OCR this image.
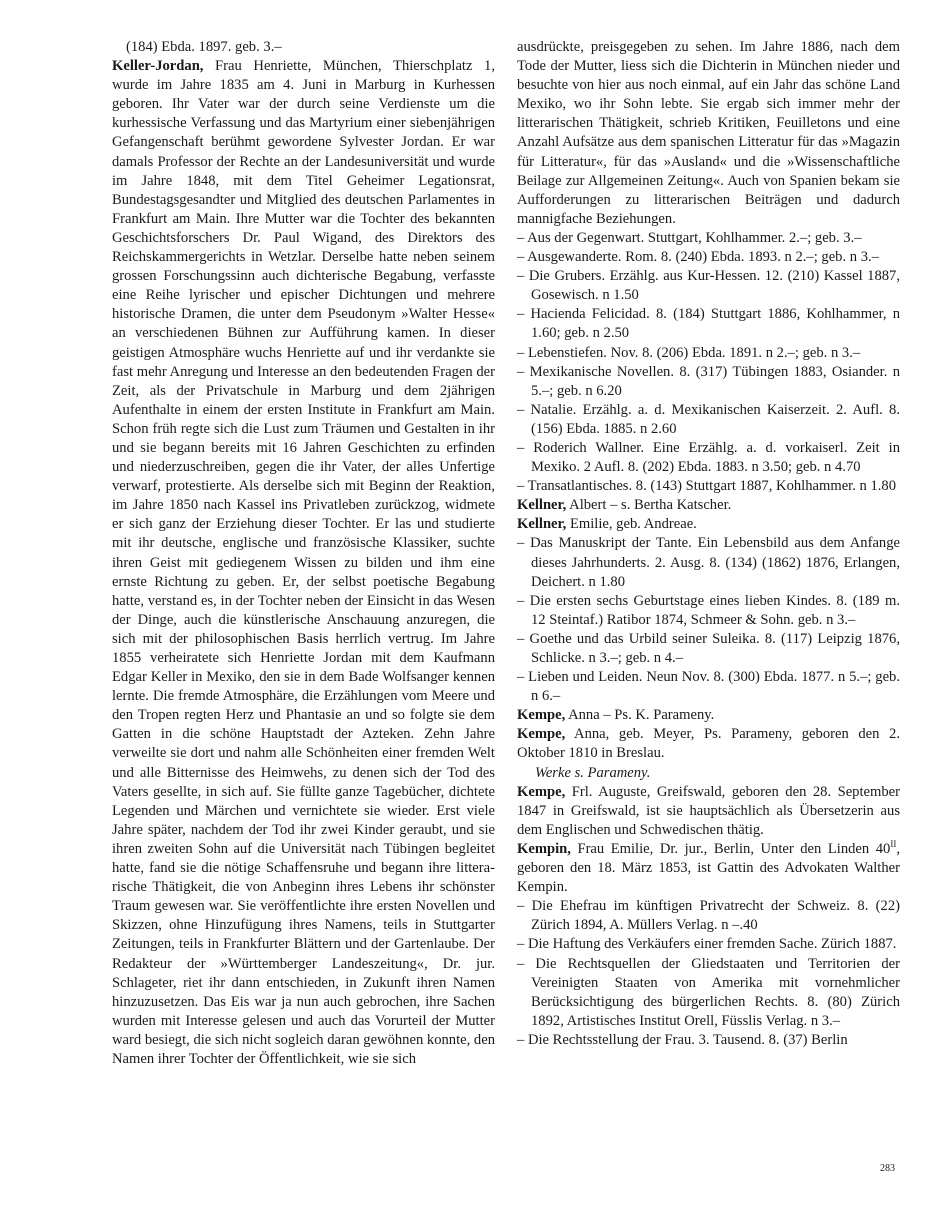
(184) Ebda. 1897. geb. 3.–

Keller-Jordan, Frau Henriette, München, Thierschplatz 1, wurde im Jahre 1835 am 4. Juni in Marburg in Kurhessen geboren. Ihr Vater war der durch seine Verdienste um die kurhessische Verfassung und das Martyrium einer siebenjährigen Gefangenschaft berühmt gewordene Sylvester Jordan. Er war damals Professor der Rechte an der Landesuniversität und wurde im Jahre 1848, mit dem Titel Geheimer Legationsrat, Bundestagsgesandter und Mitglied des deutschen Parlamentes in Frankfurt am Main. Ihre Mutter war die Tochter des bekannten Geschichtsforschers Dr. Paul Wigand, des Direktors des Reichskammergerichts in Wetzlar. Derselbe hatte neben seinem grossen Forschungssinn auch dichterische Begabung, verfasste eine Reihe lyrischer und epischer Dichtungen und mehrere historische Dramen, die unter dem Pseudonym »Walter Hesse« an verschiedenen Bühnen zur Aufführung kamen. In dieser geistigen Atmosphäre wuchs Henriette auf und ihr verdankte sie fast mehr Anregung und Interesse an den bedeutenden Fragen der Zeit, als der Privatschule in Marburg und dem 2jährigen Aufenthalte in einem der ersten Institute in Frankfurt am Main. Schon früh regte sich die Lust zum Träumen und Gestalten in ihr und sie begann bereits mit 16 Jahren Geschichten zu erfinden und niederzuschreiben, gegen die ihr Vater, der alles Unfertige verwarf, protestierte. Als derselbe sich mit Beginn der Reaktion, im Jahre 1850 nach Kassel ins Privatleben zurückzog, widmete er sich ganz der Erziehung dieser Tochter. Er las und studierte mit ihr deutsche, englische und französische Klassiker, suchte ihren Geist mit gediegenem Wissen zu bilden und ihm eine ernste Richtung zu geben. Er, der selbst poetische Begabung hatte, verstand es, in der Tochter neben der Einsicht in das Wesen der Dinge, auch die künstlerische Anschauung anzuregen, die sich mit der philosophischen Basis herrlich vertrug. Im Jahre 1855 verheiratete sich Henriette Jordan mit dem Kaufmann Edgar Keller in Mexiko, den sie in dem Bade Wolfsanger kennen lernte. Die fremde Atmosphäre, die Erzählungen vom Meere und den Tropen regten Herz und Phantasie an und so folgte sie dem Gatten in die schöne Hauptstadt der Azteken. Zehn Jahre verweilte sie dort und nahm alle Schönheiten einer fremden Welt und alle Bitternisse des Heimwehs, zu denen sich der Tod des Vaters gesellte, in sich auf. Sie füllte ganze Tagebücher, dichtete Legenden und Märchen und vernichtete sie wieder. Erst viele Jahre später, nachdem der Tod ihr zwei Kinder geraubt, und sie ihren zweiten Sohn auf die Universität nach Tübingen begleitet hatte, fand sie die nötige Schaffensruhe und begann ihre litterarische Thätigkeit, die von Anbeginn ihres Lebens ihr schönster Traum gewesen war. Sie veröffentlichte ihre ersten Novellen und Skizzen, ohne Hinzufügung ihres Namens, teils in Stuttgarter Zeitungen, teils in Frankfurter Blättern und der Gartenlaube. Der Redakteur der »Württemberger Landeszeitung«, Dr. jur. Schlageter, riet ihr dann entschieden, in Zukunft ihren Namen hinzuzusetzen. Das Eis war ja nun auch gebrochen, ihre Sachen wurden mit Interesse gelesen und auch das Vorurteil der Mutter ward besiegt, die sich nicht sogleich daran gewöhnen konnte, den Namen ihrer Tochter der Öffentlichkeit, wie sie sich

ausdrückte, preisgegeben zu sehen. Im Jahre 1886, nach dem Tode der Mutter, liess sich die Dichterin in München nieder und besuchte von hier aus noch einmal, auf ein Jahr das schöne Land Mexiko, wo ihr Sohn lebte. Sie ergab sich immer mehr der litterarischen Thätigkeit, schrieb Kritiken, Feuilletons und eine Anzahl Aufsätze aus dem spanischen Litteratur für das »Magazin für Litteratur«, für das »Ausland« und die »Wissenschaftliche Beilage zur Allgemeinen Zeitung«. Auch von Spanien bekam sie Aufforderungen zu litterarischen Beiträgen und dadurch mannigfache Beziehungen.

– Aus der Gegenwart. Stuttgart, Kohlhammer. 2.–; geb. 3.–

– Ausgewanderte. Rom. 8. (240) Ebda. 1893. n 2.–; geb. n 3.–

– Die Grubers. Erzählg. aus Kur-Hessen. 12. (210) Kassel 1887, Gosewisch. n 1.50

– Hacienda Felicidad. 8. (184) Stuttgart 1886, Kohlhammer, n 1.60; geb. n 2.50

– Lebenstiefen. Nov. 8. (206) Ebda. 1891. n 2.–; geb. n 3.–

– Mexikanische Novellen. 8. (317) Tübingen 1883, Osiander. n 5.–; geb. n 6.20

– Natalie. Erzählg. a. d. Mexikanischen Kaiserzeit. 2. Aufl. 8. (156) Ebda. 1885. n 2.60

– Roderich Wallner. Eine Erzählg. a. d. vorkaiserl. Zeit in Mexiko. 2 Aufl. 8. (202) Ebda. 1883. n 3.50; geb. n 4.70

– Transatlantisches. 8. (143) Stuttgart 1887, Kohlhammer. n 1.80

Kellner, Albert – s. Bertha Katscher.

Kellner, Emilie, geb. Andreae.

– Das Manuskript der Tante. Ein Lebensbild aus dem Anfange dieses Jahrhunderts. 2. Ausg. 8. (134) (1862) 1876, Erlangen, Deichert. n 1.80

– Die ersten sechs Geburtstage eines lieben Kindes. 8. (189 m. 12 Steintaf.) Ratibor 1874, Schmeer & Sohn. geb. n 3.–

– Goethe und das Urbild seiner Suleika. 8. (117) Leipzig 1876, Schlicke. n 3.–; geb. n 4.–

– Lieben und Leiden. Neun Nov. 8. (300) Ebda. 1877. n 5.–; geb. n 6.–

Kempe, Anna – Ps. K. Parameny.

Kempe, Anna, geb. Meyer, Ps. Parameny, geboren den 2. Oktober 1810 in Breslau.

Werke s. Parameny.

Kempe, Frl. Auguste, Greifswald, geboren den 28. September 1847 in Greifswald, ist sie hauptsächlich als Übersetzerin aus dem Englischen und Schwedischen thätig.

Kempin, Frau Emilie, Dr. jur., Berlin, Unter den Linden $40^{II}$, geboren den 18. März 1853, ist Gattin des Advokaten Walther Kempin.

– Die Ehefrau im künftigen Privatrecht der Schweiz. 8. (22) Zürich 1894, A. Müllers Verlag. n –.40

– Die Haftung des Verkäufers einer fremden Sache. Zürich 1887.

– Die Rechtsquellen der Gliedstaaten und Territorien der Vereinigten Staaten von Amerika mit vornehmlicher Berücksichtigung des bürgerlichen Rechts. 8. (80) Zürich 1892, Artistisches Institut Orell, Füsslis Verlag. n 3.–

– Die Rechtsstellung der Frau. 3. Tausend. 8. (37) Berlin

283
